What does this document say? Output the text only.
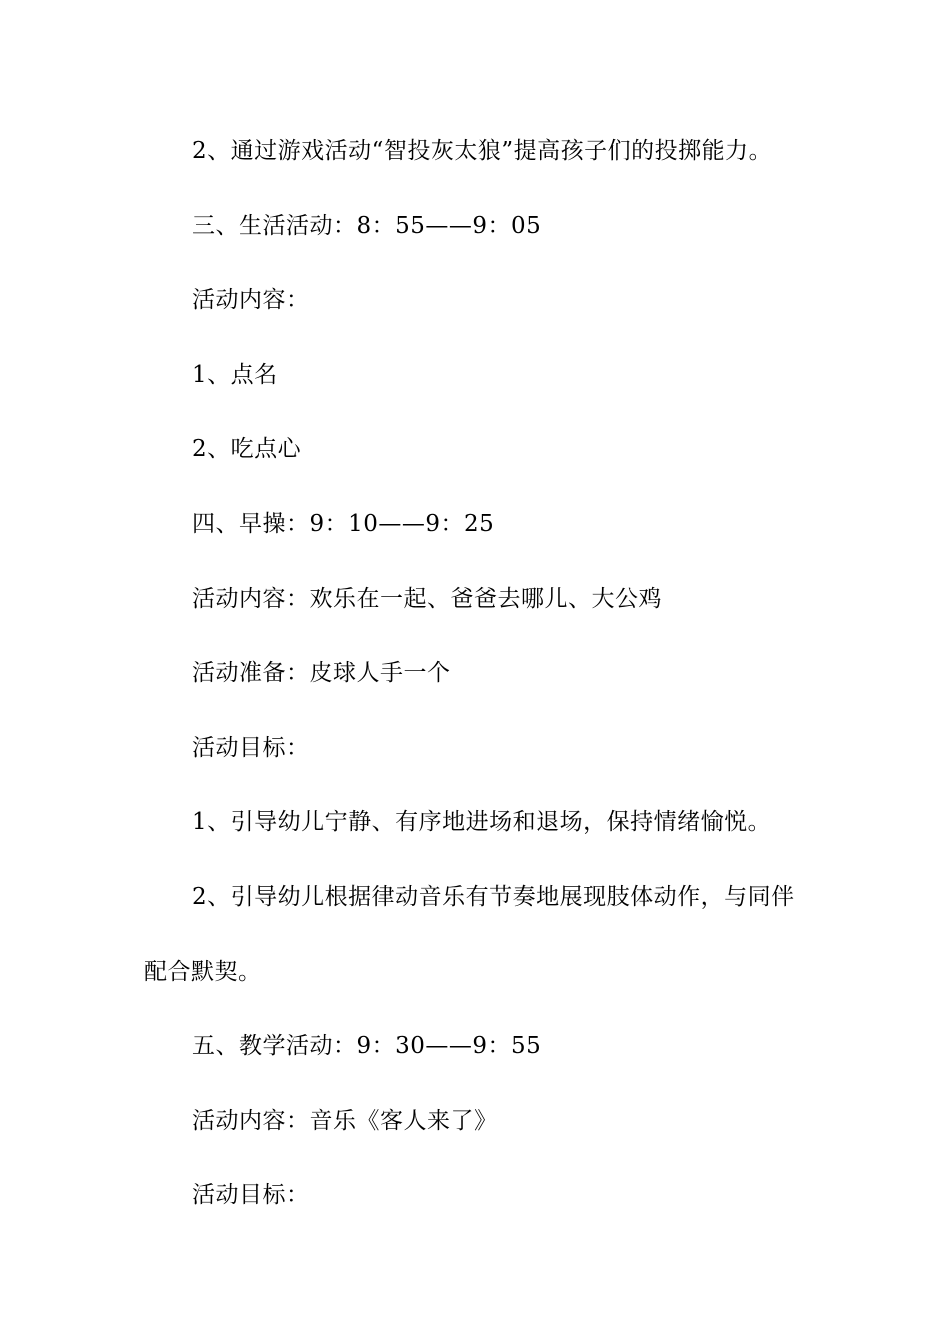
2、通过游戏活动“智投灰太狼”提高孩子们的投掷能力。
三、生活活动：8：55——9：05
活动内容：
1、点名
2、吃点心
四、早操：9：10——9：25
活动内容：欢乐在一起、爸爸去哪儿、大公鸡
活动准备：皮球人手一个
活动目标：
1、引导幼儿宁静、有序地进场和退场，保持情绪愉悦。
2、引导幼儿根据律动音乐有节奏地展现肢体动作，与同伴
配合默契。
五、教学活动：9：30——9：55
活动内容：音乐《客人来了》
活动目标：
